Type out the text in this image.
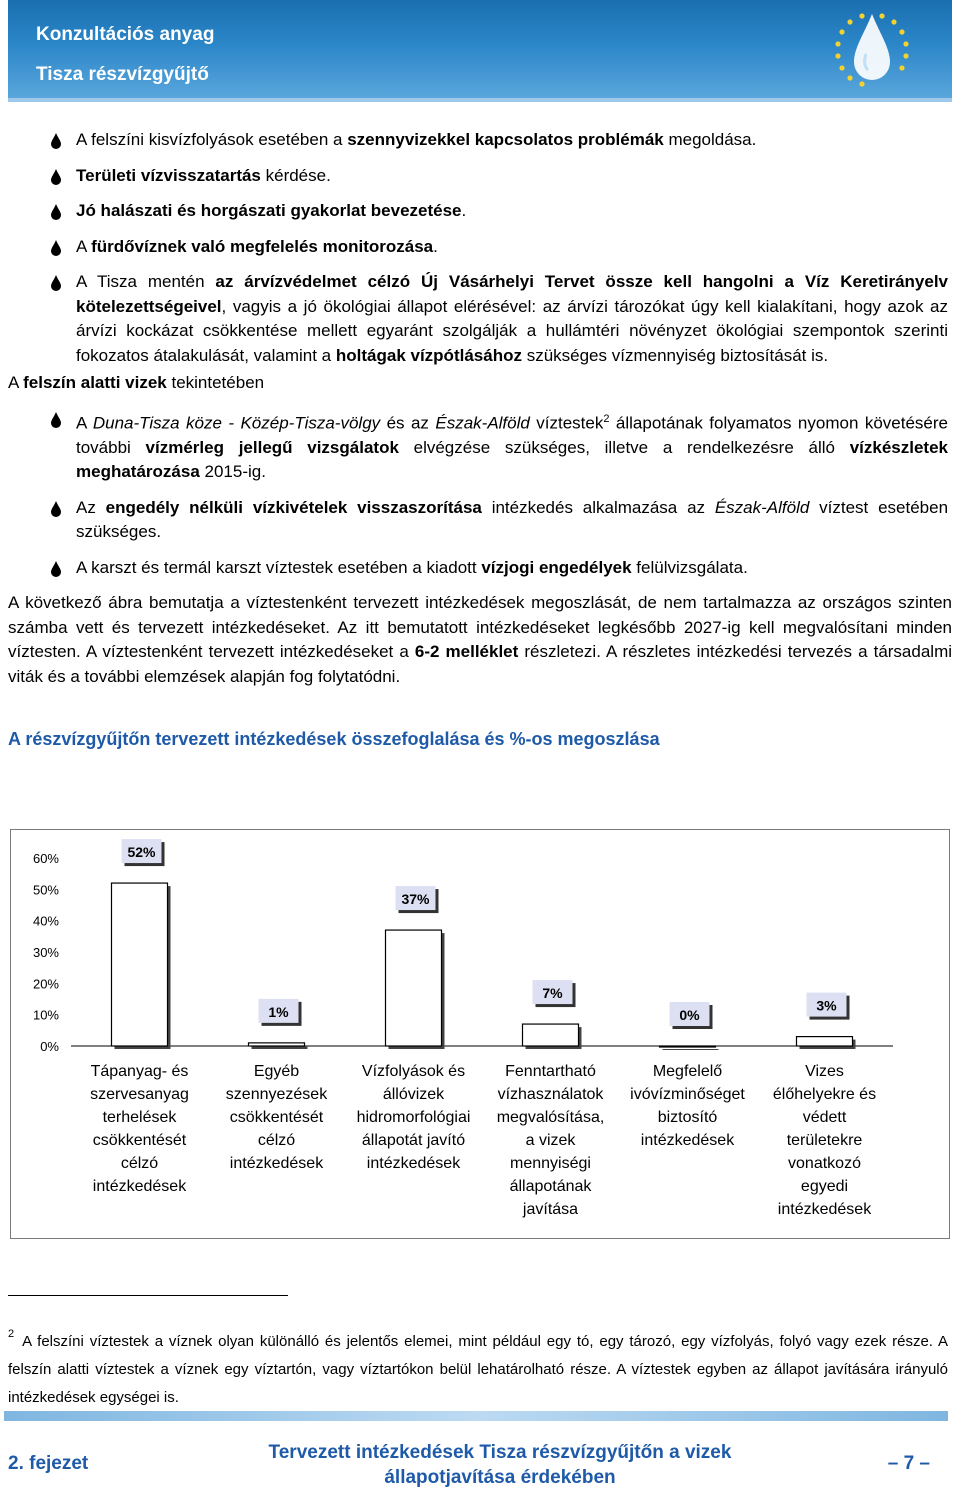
Konzultációs anyag
Tisza részvízgyűjtő
A felszíni kisvízfolyások esetében a szennyvizekkel kapcsolatos problémák megoldása.
Területi vízvisszatartás kérdése.
Jó halászati és horgászati gyakorlat bevezetése.
A fürdővíznek való megfelelés monitorozása.
A Tisza mentén az árvízvédelmet célzó Új Vásárhelyi Tervet össze kell hangolni a Víz Keretirányelv kötelezettségeivel, vagyis a jó ökológiai állapot elérésével: az árvízi tározókat úgy kell kialakítani, hogy azok az árvízi kockázat csökkentése mellett egyaránt szolgálják a hullámtéri növényzet ökológiai szempontok szerinti fokozatos átalakulását, valamint a holtágak vízpótlásához szükséges vízmennyiség biztosítását is.
A felszín alatti vizek tekintetében
A Duna-Tisza köze - Közép-Tisza-völgy és az Észak-Alföld víztestek$^2$ állapotának folyamatos nyomon követésére további vízmérleg jellegű vizsgálatok elvégzése szükséges, illetve a rendelkezésre álló vízkészletek meghatározása 2015-ig.
Az engedély nélküli vízkivételek visszaszorítása intézkedés alkalmazása az Észak-Alföld víztest esetében szükséges.
A karszt és termál karszt víztestek esetében a kiadott vízjogi engedélyek felülvizsgálata.
A következő ábra bemutatja a víztestenként tervezett intézkedések megoszlását, de nem tartalmazza az országos szinten számba vett és tervezett intézkedéseket. Az itt bemutatott intézkedéseket legkésőbb 2027-ig kell megvalósítani minden víztesten. A víztestenként tervezett intézkedéseket a 6-2 melléklet részletezi. A részletes intézkedési tervezés a társadalmi viták és a további elemzések alapján fog folytatódni.
A részvízgyűjtőn tervezett intézkedések összefoglalása és %-os megoszlása
60%
50%
40%
30%
20%
10%
0%
52%
1%
37%
7%
0%
3%
Tápanyag- és
szervesanyag
terhelések
csökkentését
célzó
intézkedések
Egyéb
szennyezések
csökkentését
célzó
intézkedések
Vízfolyások és
állóvizek
hidromorfológiai
állapotát javító
intézkedések
Fenntartható
vízhasználatok
megvalósítása,
a vizek
mennyiségi
állapotának
javítása
Megfelelő
ivóvízminőséget
biztosító
intézkedések
Vizes
élőhelyekre és
védett
területekre
vonatkozó
egyedi
intézkedések
$^2$ A felszíni víztestek a víznek olyan különálló és jelentős elemei, mint például egy tó, egy tározó, egy vízfolyás, folyó vagy ezek része. A felszín alatti víztestek a víznek egy víztartón, vagy víztartókon belül lehatárolható része. A víztestek egyben az állapot javítására irányuló intézkedések egységei is.
2. fejezet
Tervezett intézkedések Tisza részvízgyűjtőn a vizek
állapotjavítása érdekében
– 7 –
